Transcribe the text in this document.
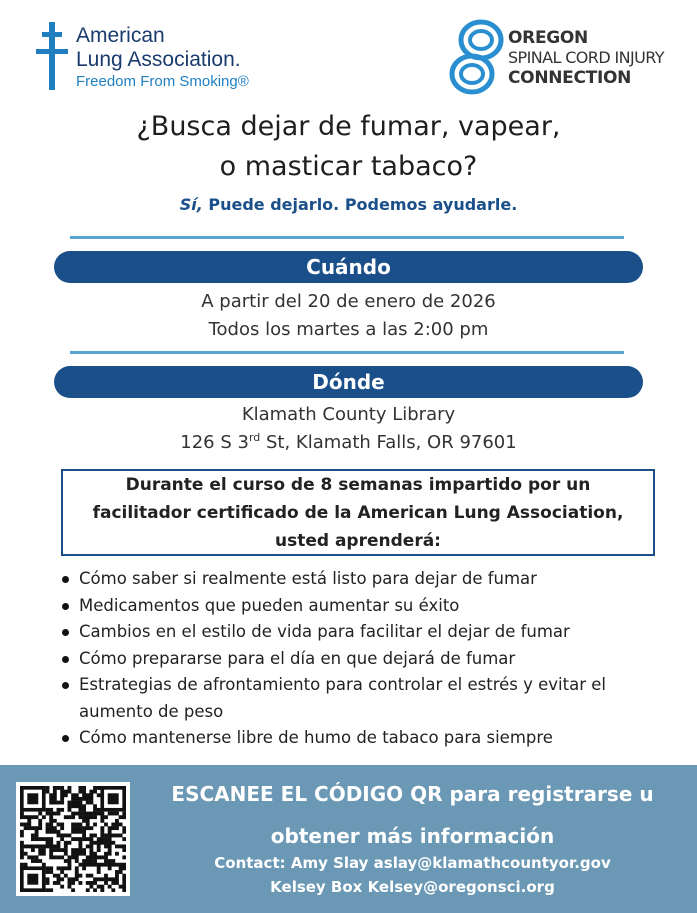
American
Lung Association.
Freedom From Smoking®
OREGON
SPINAL CORD INJURY
CONNECTION
¿Busca dejar de fumar, vapear,
o masticar tabaco?
Sí, Puede dejarlo. Podemos ayudarle.
Cuándo
A partir del 20 de enero de 2026
Todos los martes a las 2:00 pm
Dónde
Klamath County Library
126 S 3rd St, Klamath Falls, OR 97601
Durante el curso de 8 semanas impartido por un
facilitador certificado de la American Lung Association,
usted aprenderá:
Cómo saber si realmente está listo para dejar de fumar
Medicamentos que pueden aumentar su éxito
Cambios en el estilo de vida para facilitar el dejar de fumar
Cómo prepararse para el día en que dejará de fumar
Estrategias de afrontamiento para controlar el estrés y evitar el aumento de peso
Cómo mantenerse libre de humo de tabaco para siempre
ESCANEE EL CÓDIGO QR para registrarse u
obtener más información
Contact: Amy Slay aslay@klamathcountyor.gov
Kelsey Box Kelsey@oregonsci.org
